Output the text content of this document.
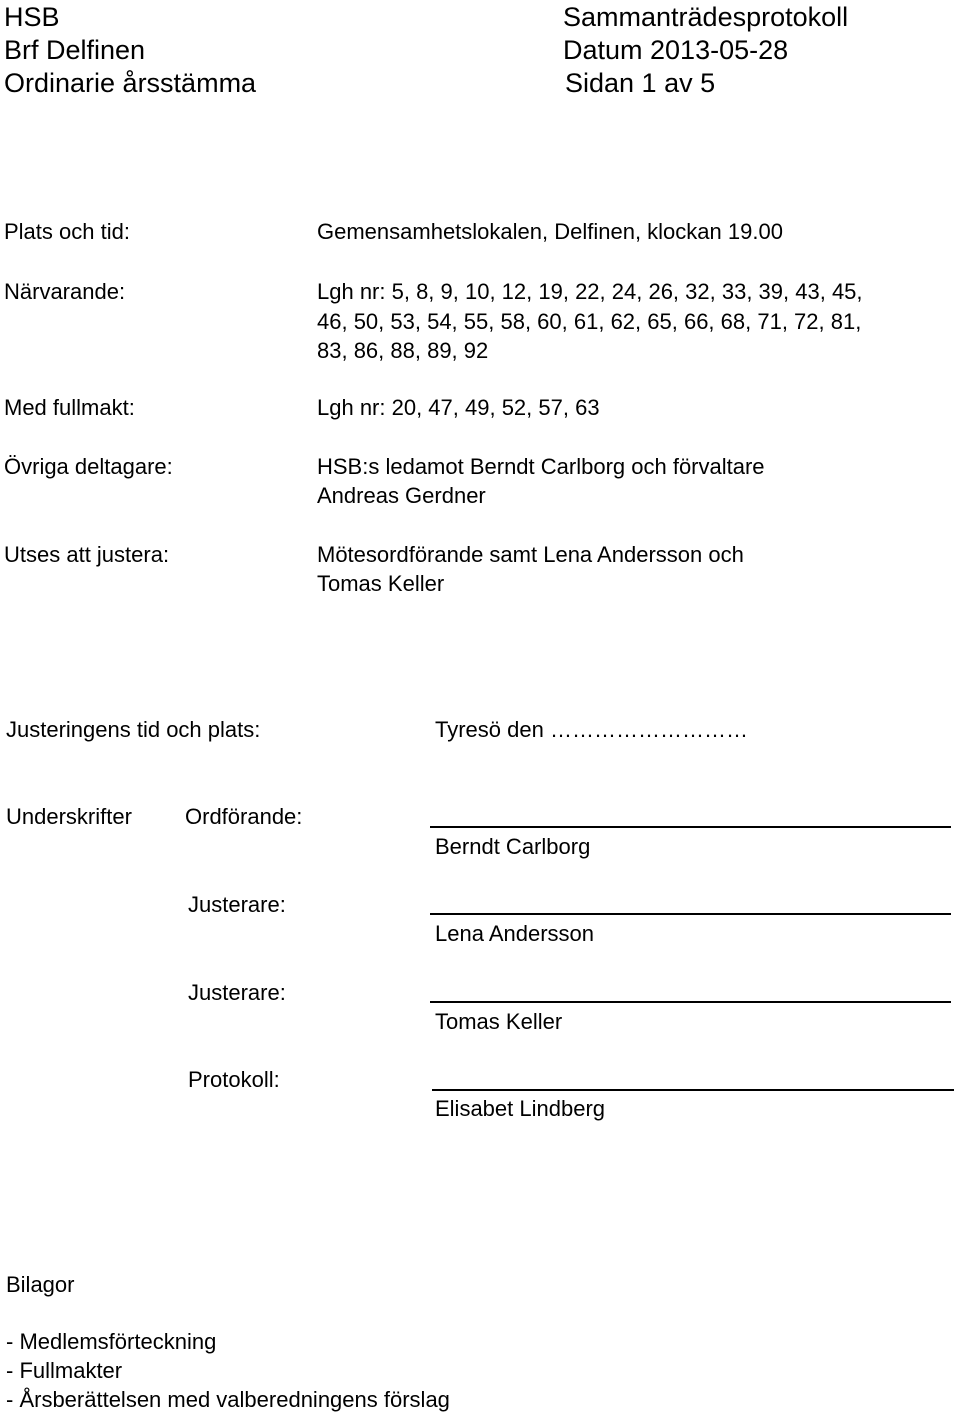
HSB
Brf Delfinen
Ordinarie årsstämma
Sammanträdesprotokoll
Datum 2013-05-28
Sidan 1 av 5
Plats och tid:	Gemensamhetslokalen, Delfinen, klockan 19.00
Närvarande:	Lgh nr: 5, 8, 9, 10, 12, 19, 22, 24, 26, 32, 33, 39, 43, 45,
46, 50, 53, 54, 55, 58, 60, 61, 62, 65, 66, 68, 71, 72, 81,
83, 86, 88, 89, 92
Med fullmakt:	Lgh nr: 20, 47, 49, 52, 57, 63
Övriga deltagare:	HSB:s ledamot Berndt Carlborg och förvaltare
Andreas Gerdner
Utses att justera:	Mötesordförande samt Lena Andersson och
Tomas Keller
Justeringens tid och plats:	Tyresö den ………………………
Underskrifter Ordförande:
Berndt Carlborg
Justerare:
Lena Andersson
Justerare:
Tomas Keller
Protokoll:
Elisabet Lindberg
Bilagor
- Medlemsförteckning
- Fullmakter
- Årsberättelsen med valberedningens förslag
